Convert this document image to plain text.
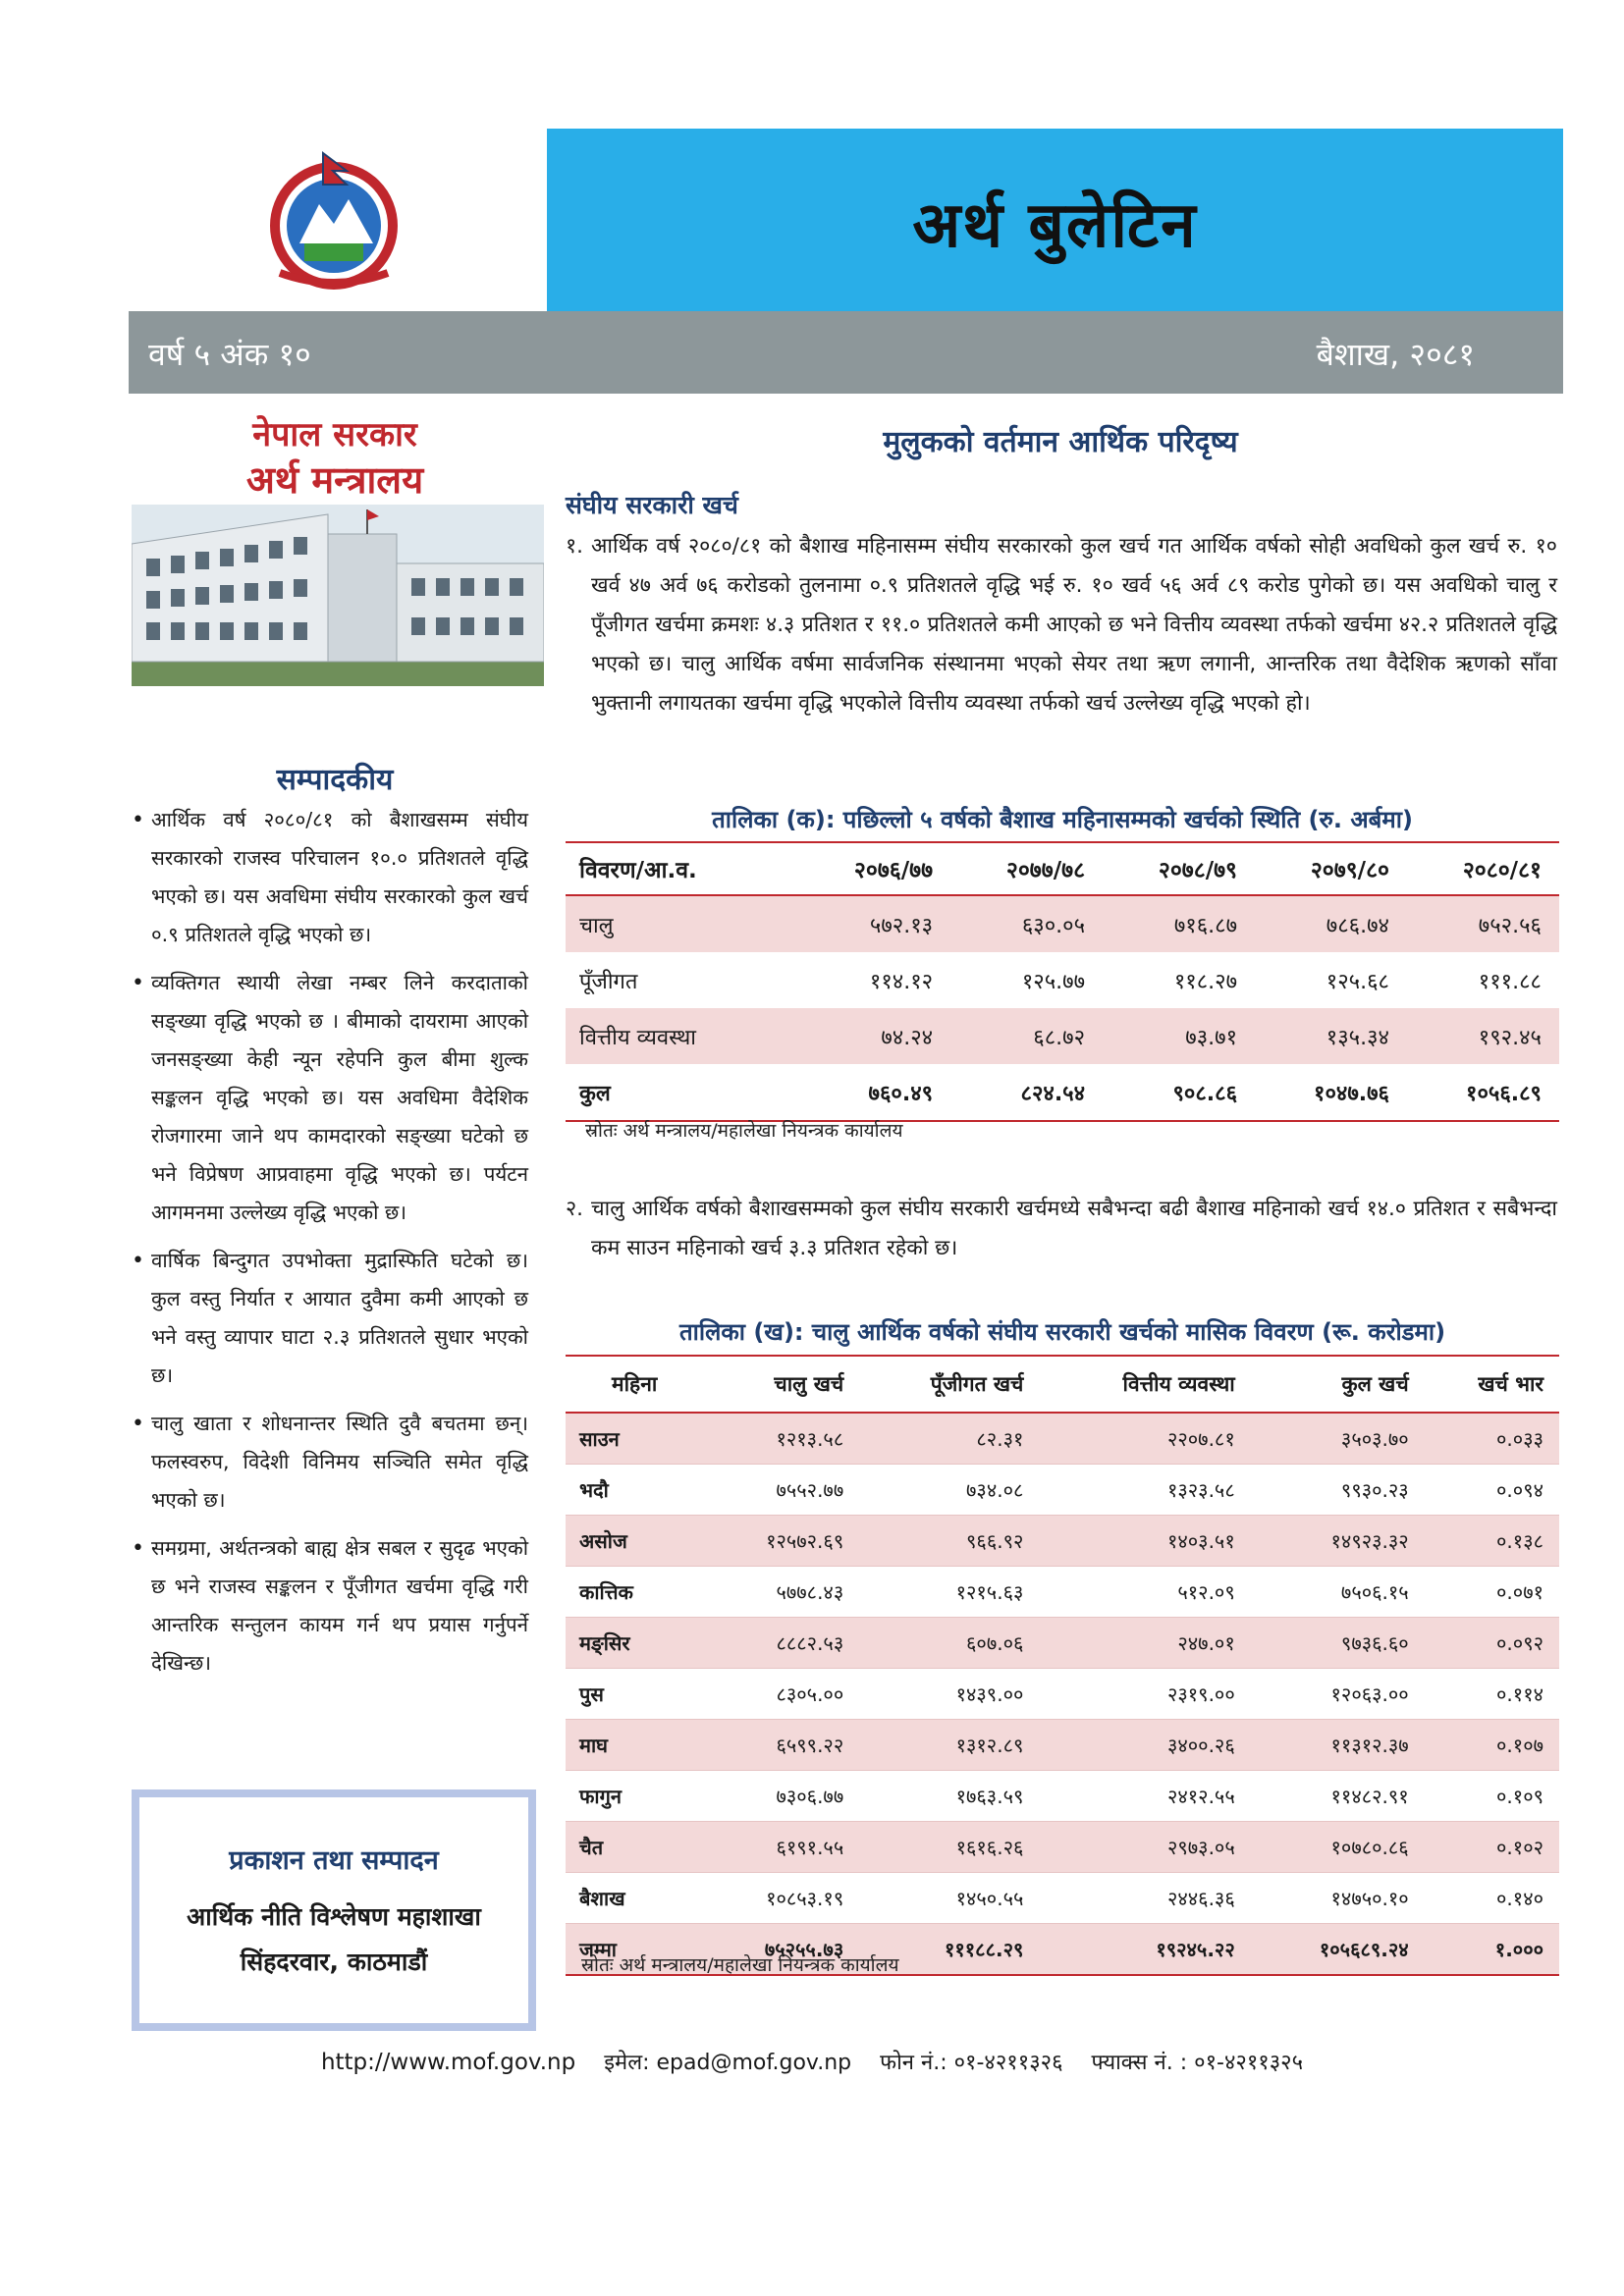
अर्थ बुलेटिन
वर्ष ५ अंक १०	बैशाख, २०८१
नेपाल सरकार
अर्थ मन्त्रालय
सम्पादकीय
• आर्थिक वर्ष २०८०/८१ को बैशाखसम्म संघीय सरकारको राजस्व परिचालन १०.० प्रतिशतले वृद्धि भएको छ। यस अवधिमा संघीय सरकारको कुल खर्च ०.९ प्रतिशतले वृद्धि भएको छ।
• व्यक्तिगत स्थायी लेखा नम्बर लिने करदाताको सङ्ख्या वृद्धि भएको छ । बीमाको दायरामा आएको जनसङ्ख्या केही न्यून रहेपनि कुल बीमा शुल्क सङ्कलन वृद्धि भएको छ। यस अवधिमा वैदेशिक रोजगारमा जाने थप कामदारको सङ्ख्या घटेको छ भने विप्रेषण आप्रवाहमा वृद्धि भएको छ। पर्यटन आगमनमा उल्लेख्य वृद्धि भएको छ।
• वार्षिक बिन्दुगत उपभोक्ता मुद्रास्फिति घटेको छ। कुल वस्तु निर्यात र आयात दुवैमा कमी आएको छ भने वस्तु व्यापार घाटा २.३ प्रतिशतले सुधार भएको छ।
• चालु खाता र शोधनान्तर स्थिति दुवै बचतमा छन्। फलस्वरुप, विदेशी विनिमय सञ्चिति समेत वृद्धि भएको छ।
• समग्रमा, अर्थतन्त्रको बाह्य क्षेत्र सबल र सुदृढ भएको छ भने राजस्व सङ्कलन र पूँजीगत खर्चमा वृद्धि गरी आन्तरिक सन्तुलन कायम गर्न थप प्रयास गर्नुपर्ने देखिन्छ।
प्रकाशन तथा सम्पादन
आर्थिक नीति विश्लेषण महाशाखा
सिंहदरवार, काठमाडौं
मुलुकको वर्तमान आर्थिक परिदृष्य
संघीय सरकारी खर्च
१. आर्थिक वर्ष २०८०/८१ को बैशाख महिनासम्म संघीय सरकारको कुल खर्च गत आर्थिक वर्षको सोही अवधिको कुल खर्च रु. १० खर्व ४७ अर्व ७६ करोडको तुलनामा ०.९ प्रतिशतले वृद्धि भई रु. १० खर्व ५६ अर्व ८९ करोड पुगेको छ। यस अवधिको चालु र पूँजीगत खर्चमा क्रमशः ४.३ प्रतिशत र ११.० प्रतिशतले कमी आएको छ भने वित्तीय व्यवस्था तर्फको खर्चमा ४२.२ प्रतिशतले वृद्धि भएको छ। चालु आर्थिक वर्षमा सार्वजनिक संस्थानमा भएको सेयर तथा ऋण लगानी, आन्तरिक तथा वैदेशिक ऋणको साँवा भुक्तानी लगायतका खर्चमा वृद्धि भएकोले वित्तीय व्यवस्था तर्फको खर्च उल्लेख्य वृद्धि भएको हो।
तालिका (क): पछिल्लो ५ वर्षको बैशाख महिनासम्मको खर्चको स्थिति (रु. अर्बमा)
विवरण/आ.व.	२०७६/७७	२०७७/७८	२०७८/७९	२०७९/८०	२०८०/८१
चालु	५७२.१३	६३०.०५	७१६.८७	७८६.७४	७५२.५६
पूँजीगत	११४.१२	१२५.७७	११८.२७	१२५.६८	१११.८८
वित्तीय व्यवस्था	७४.२४	६८.७२	७३.७१	१३५.३४	१९२.४५
कुल	७६०.४९	८२४.५४	९०८.८६	१०४७.७६	१०५६.८९
स्रोतः अर्थ मन्त्रालय/महालेखा नियन्त्रक कार्यालय
२. चालु आर्थिक वर्षको बैशाखसम्मको कुल संघीय सरकारी खर्चमध्ये सबैभन्दा बढी बैशाख महिनाको खर्च १४.० प्रतिशत र सबैभन्दा कम साउन महिनाको खर्च ३.३ प्रतिशत रहेको छ।
तालिका (ख): चालु आर्थिक वर्षको संघीय सरकारी खर्चको मासिक विवरण (रू. करोडमा)
महिना	चालु खर्च	पूँजीगत खर्च	वित्तीय व्यवस्था	कुल खर्च	खर्च भार
साउन	१२१३.५८	८२.३१	२२०७.८१	३५०३.७०	०.०३३
भदौ	७५५२.७७	७३४.०८	१३२३.५८	९९३०.२३	०.०९४
असोज	१२५७२.६९	९६६.९२	१४०३.५१	१४९२३.३२	०.१३८
कात्तिक	५७७८.४३	१२१५.६३	५१२.०९	७५०६.१५	०.०७१
मङ्सिर	८८८२.५३	६०७.०६	२४७.०१	९७३६.६०	०.०९२
पुस	८३०५.००	१४३९.००	२३१९.००	१२०६३.००	०.११४
माघ	६५९९.२२	१३१२.८९	३४००.२६	११३१२.३७	०.१०७
फागुन	७३०६.७७	१७६३.५९	२४१२.५५	११४८२.९१	०.१०९
चैत	६१९१.५५	१६१६.२६	२९७३.०५	१०७८०.८६	०.१०२
बैशाख	१०८५३.१९	१४५०.५५	२४४६.३६	१४७५०.१०	०.१४०
जम्मा	७५२५५.७३	१११८८.२९	१९२४५.२२	१०५६८९.२४	१.०००
स्रोतः अर्थ मन्त्रालय/महालेखा नियन्त्रक कार्यालय
http://www.mof.gov.np इमेल: epad@mof.gov.np फोन नं.: ०१-४२११३२६ फ्याक्स नं. : ०१-४२११३२५
